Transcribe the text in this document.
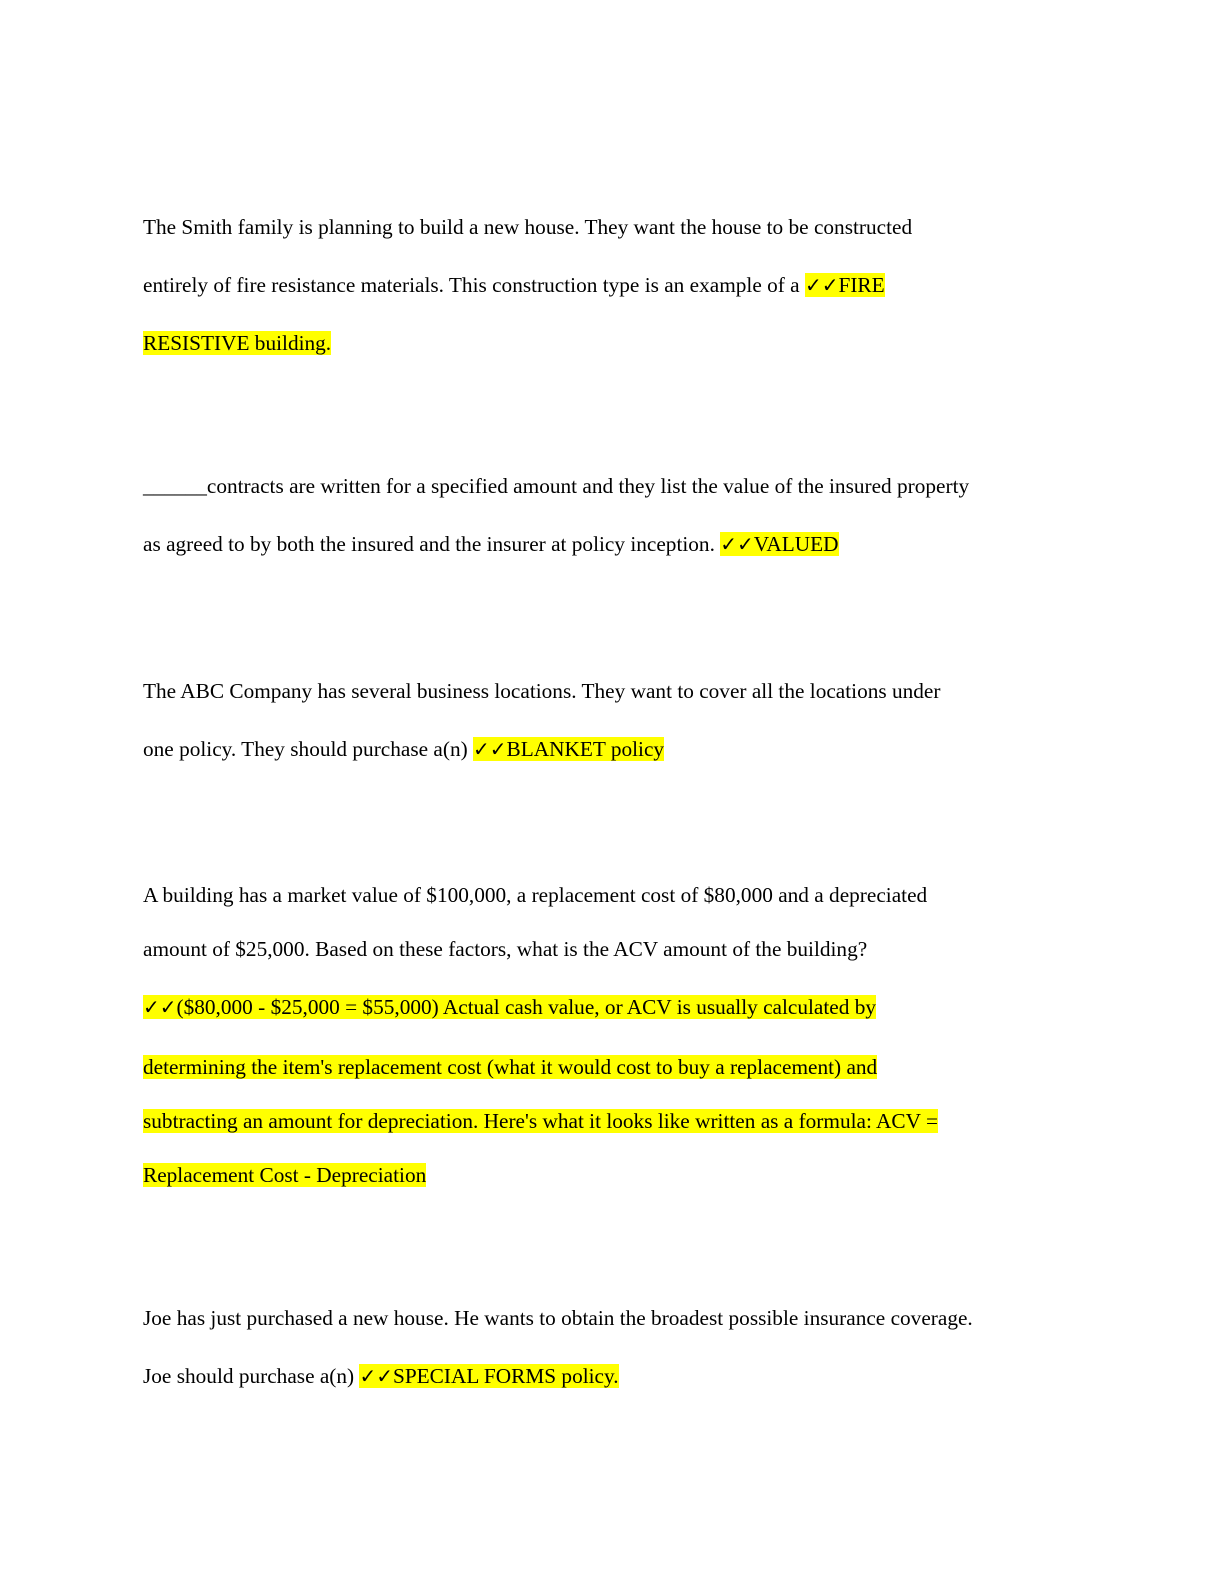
The Smith family is planning to build a new house. They want the house to be constructed
entirely of fire resistance materials. This construction type is an example of a ✓✓FIRE
RESISTIVE building.
______contracts are written for a specified amount and they list the value of the insured property
as agreed to by both the insured and the insurer at policy inception. ✓✓VALUED
The ABC Company has several business locations. They want to cover all the locations under
one policy. They should purchase a(n) ✓✓BLANKET policy
A building has a market value of $100,000, a replacement cost of $80,000 and a depreciated
amount of $25,000. Based on these factors, what is the ACV amount of the building?
✓✓($80,000 - $25,000 = $55,000) Actual cash value, or ACV is usually calculated by
determining the item's replacement cost (what it would cost to buy a replacement) and
subtracting an amount for depreciation. Here's what it looks like written as a formula: ACV =
Replacement Cost - Depreciation
Joe has just purchased a new house. He wants to obtain the broadest possible insurance coverage.
Joe should purchase a(n) ✓✓SPECIAL FORMS policy.
